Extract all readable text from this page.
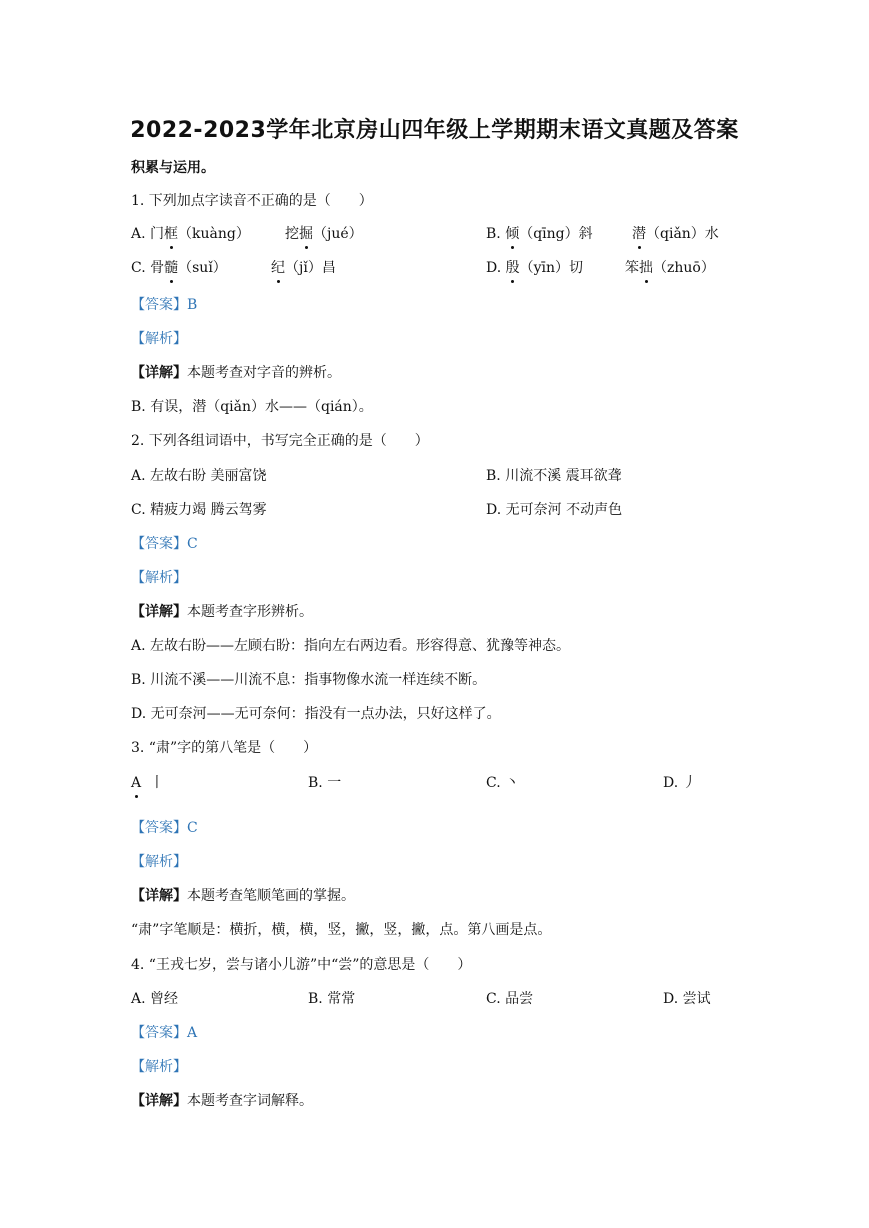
2022-2023学年北京房山四年级上学期期末语文真题及答案
积累与运用。
1. 下列加点字读音不正确的是（　　）
A. 门框（kuàng）	挖掘（jué）	B. 倾（qīng）斜	潜（qiǎn）水
C. 骨髓（suǐ）	纪（jǐ）昌	D. 殷（yīn）切	笨拙（zhuō）
【答案】B
【解析】
【详解】本题考查对字音的辨析。
B. 有误，潜（qiǎn）水——（qián）。
2. 下列各组词语中，书写完全正确的是（　　）
A. 左故右盼 美丽富饶	B. 川流不溪 震耳欲聋
C. 精疲力竭 腾云驾雾	D. 无可奈河 不动声色
【答案】C
【解析】
【详解】本题考查字形辨析。
A. 左故右盼——左顾右盼：指向左右两边看。形容得意、犹豫等神态。
B. 川流不溪——川流不息：指事物像水流一样连续不断。
D. 无可奈河——无可奈何：指没有一点办法，只好这样了。
3. “肃”字的第八笔是（　　）
A 丨	B. 一	C. 丶	D. 丿
【答案】C
【解析】
【详解】本题考查笔顺笔画的掌握。
“肃”字笔顺是：横折，横，横，竖，撇，竖，撇，点。第八画是点。
4. “王戎七岁，尝与诸小儿游”中“尝”的意思是（　　）
A. 曾经	B. 常常	C. 品尝	D. 尝试
【答案】A
【解析】
【详解】本题考查字词解释。
